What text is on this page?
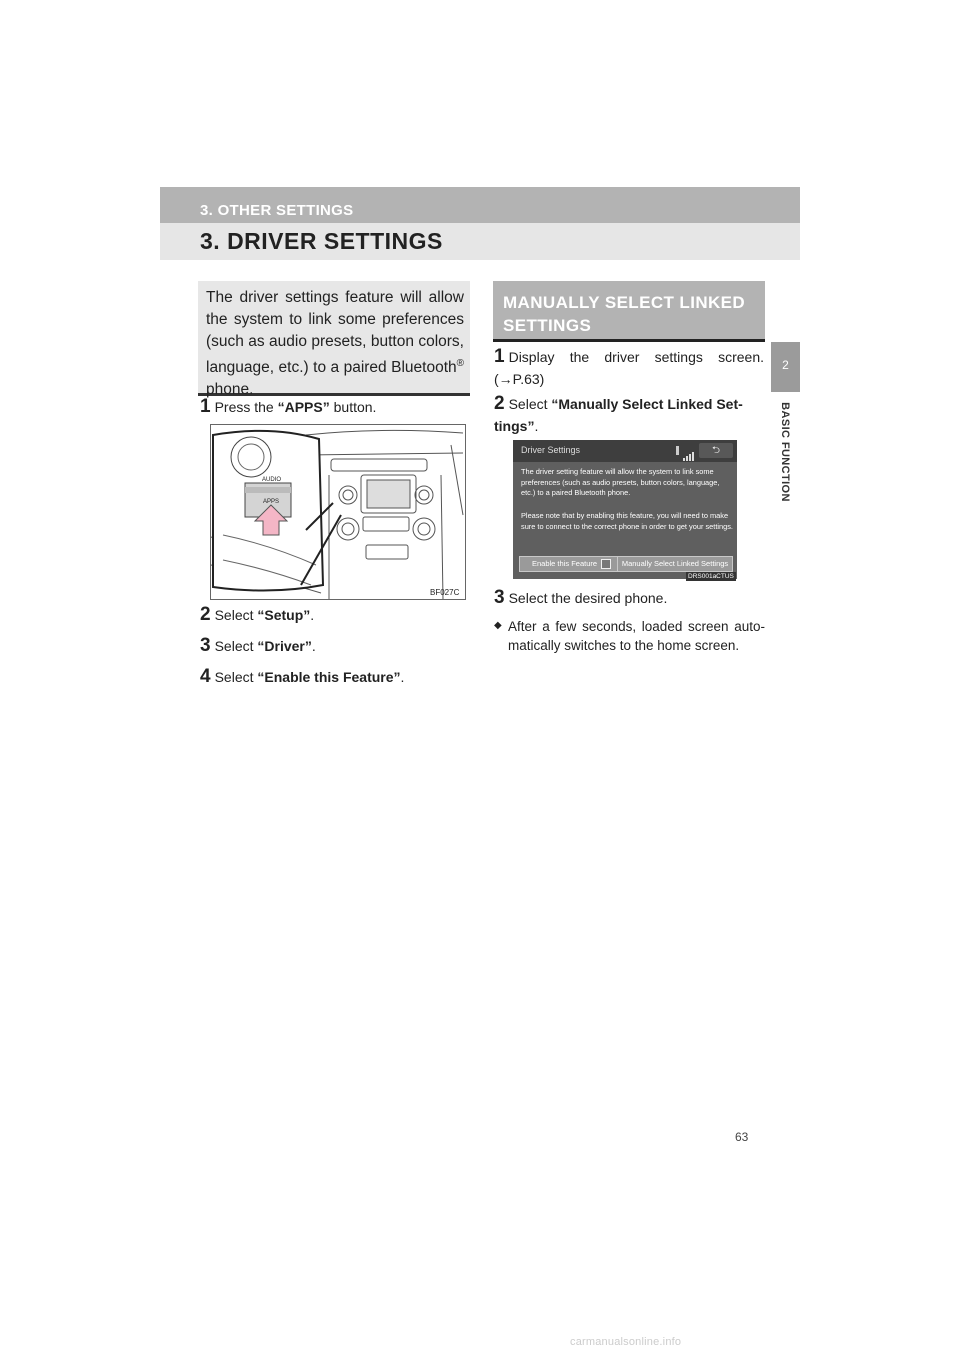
3. OTHER SETTINGS
3. DRIVER SETTINGS
2
BASIC FUNCTION
The driver settings feature will allow the system to link some preferences (such as audio presets, button colors, language, etc.) to a paired Bluetooth® phone.
1 Press the “APPS” button.
AUDIO
APPS
BF027C
2 Select “Setup”.
3 Select “Driver”.
4 Select “Enable this Feature”.
MANUALLY SELECT LINKED SETTINGS
1 Display the driver settings screen. (→P.63)
2 Select “Manually Select Linked Set-tings”.
Driver Settings	⮌
The driver setting feature will allow the system to link some preferences (such as audio presets, button colors, language, etc.) to a paired Bluetooth phone.
Please note that by enabling this feature, you will need to make sure to connect to the correct phone in order to get your settings.
Enable this Feature	Manually Select Linked Settings
DRS001aCTUS
3 Select the desired phone.
◆ After a few seconds, loaded screen auto-matically switches to the home screen.
63
carmanualsonline.info
